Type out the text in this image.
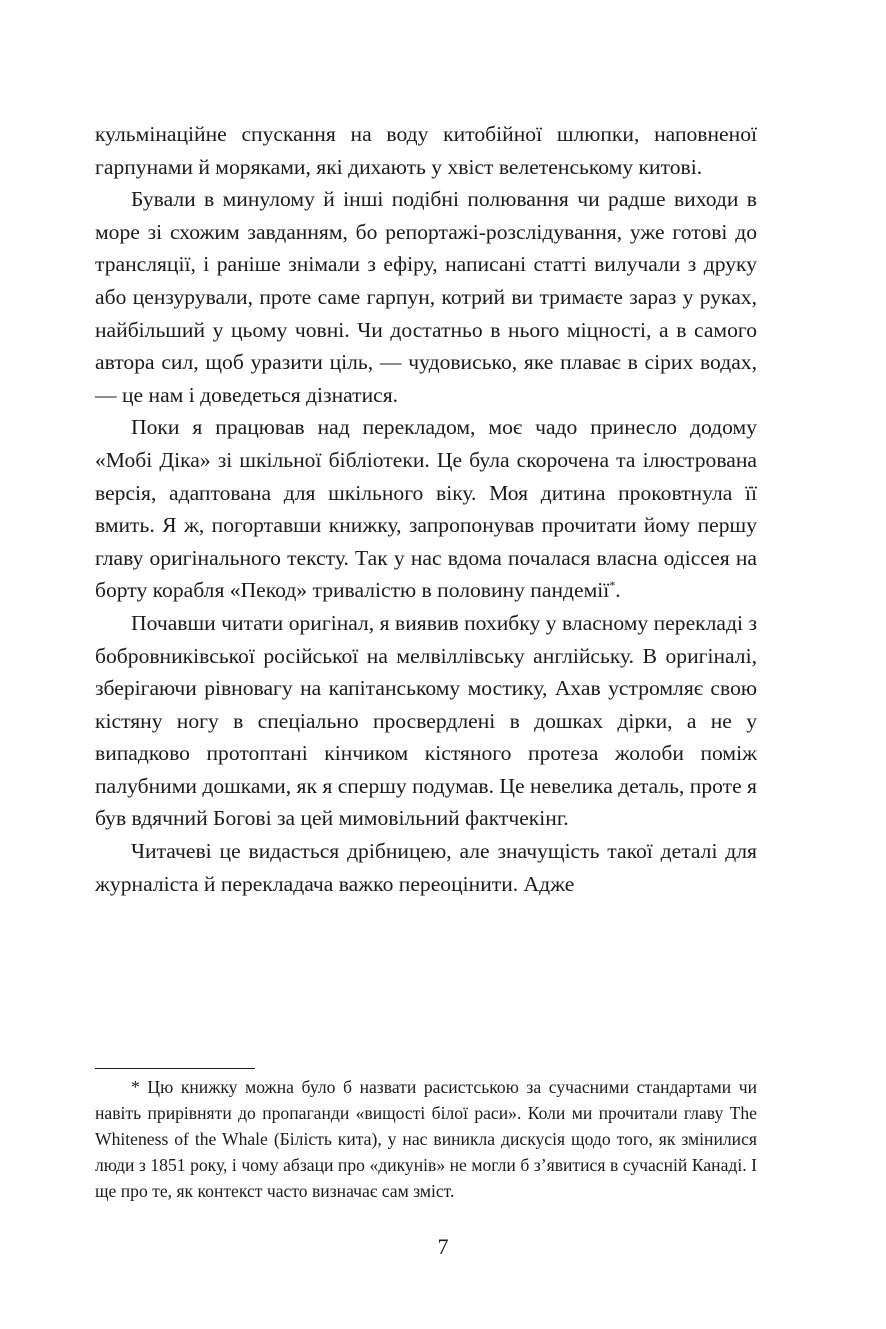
кульмінаційне спускання на воду китобійної шлюпки, наповненої гарпунами й моряками, які дихають у хвіст велетенському китові.

Бували в минулому й інші подібні полювання чи радше виходи в море зі схожим завданням, бо репортажі-розслідування, уже готові до трансляції, і раніше знімали з ефіру, написані статті вилучали з друку або цензурували, проте саме гарпун, котрий ви тримаєте зараз у руках, найбільший у цьому човні. Чи достатньо в нього міцності, а в самого автора сил, щоб уразити ціль, — чудовисько, яке плаває в сірих водах, — це нам і доведеться дізнатися.

Поки я працював над перекладом, моє чадо принесло додому «Мобі Діка» зі шкільної бібліотеки. Це була скорочена та ілюстрована версія, адаптована для шкільного віку. Моя дитина проковтнула її вмить. Я ж, погортавши книжку, запропонував прочитати йому першу главу оригінального тексту. Так у нас вдома почалася власна одіссея на борту корабля «Пекод» тривалістю в половину пандемії*.

Почавши читати оригінал, я виявив похибку у власному перекладі з бобровниківської російської на мелвіллівську англійську. В оригіналі, зберігаючи рівновагу на капітанському мостику, Ахав устромляє свою кістяну ногу в спеціально просвердлені в дошках дірки, а не у випадково протоптані кінчиком кістяного протеза жолоби поміж палубними дошками, як я спершу подумав. Це невелика деталь, проте я був вдячний Богові за цей мимовільний фактчекінг.

Читачеві це видасться дрібницею, але значущість такої деталі для журналіста й перекладача важко переоцінити. Адже

* Цю книжку можна було б назвати расистською за сучасними стандартами чи навіть прирівняти до пропаганди «вищості білої раси». Коли ми прочитали главу The Whiteness of the Whale (Білість кита), у нас виникла дискусія щодо того, як змінилися люди з 1851 року, і чому абзаци про «дикунів» не могли б з’явитися в сучасній Канаді. І ще про те, як контекст часто визначає сам зміст.

7
